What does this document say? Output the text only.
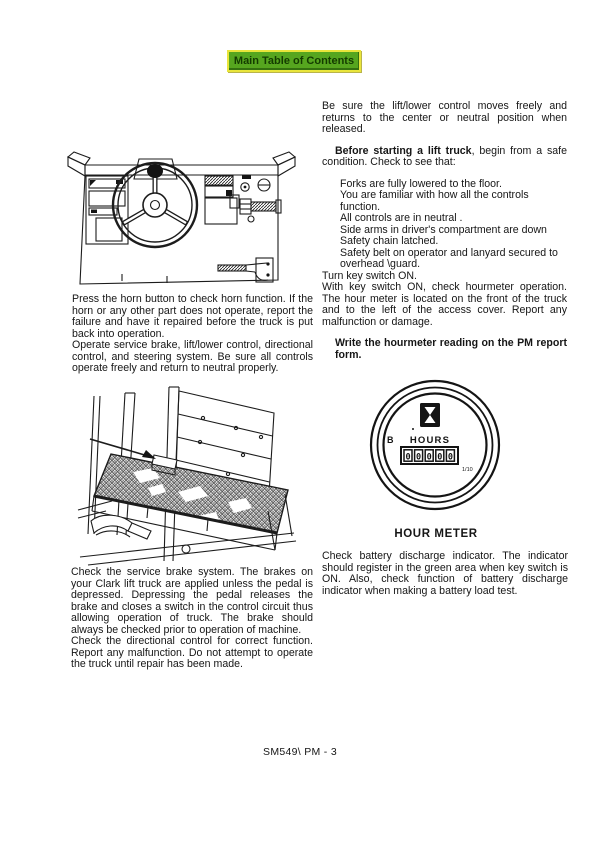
Main Table of Contents

Press the horn button to check horn function. If the horn or any other part does not operate, report the failure and have it repaired before the truck is put back into operation.

Operate service brake, lift/lower control, directional control, and steering system. Be sure all controls operate freely and return to neutral properly.

Check the service brake system. The brakes on your Clark lift truck are applied unless the pedal is depressed. Depressing the pedal releases the brake and closes a switch in the control circuit thus allowing operation of truck. The brake should always be checked prior to operation of machine.

Check the directional control for correct function. Report any malfunction. Do not attempt to operate the truck until repair has been made.

Be sure the lift/lower control moves freely and returns to the center or neutral position when released.

Before starting a lift truck, begin from a safe condition. Check to see that:

Forks are fully lowered to the floor.
You are familiar with how all the controls function.
All controls are in neutral .
Side arms in driver's compartment are down
Safety chain latched.
Safety belt on operator and lanyard secured to overhead \guard.

Turn key switch ON.

With key switch ON, check hourmeter operation. The hour meter is located on the front of the truck and to the left of the access cover. Report any malfunction or damage.

Write the hourmeter reading on the PM report form.

B HOURS
0 0 0 0 0
1/10
HOUR METER

Check battery discharge indicator. The indicator should register in the green area when key switch is ON. Also, check function of battery discharge indicator when making a battery load test.

SM549\ PM - 3
